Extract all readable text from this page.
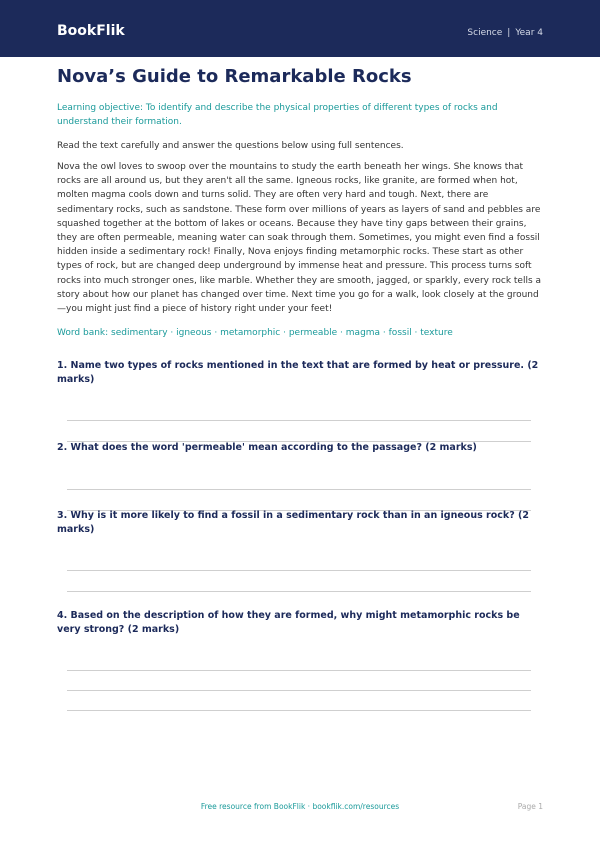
BookFlik	Science | Year 4
Nova’s Guide to Remarkable Rocks

Learning objective: To identify and describe the physical properties of different types of rocks and understand their formation.

Read the text carefully and answer the questions below using full sentences.

Nova the owl loves to swoop over the mountains to study the earth beneath her wings. She knows that rocks are all around us, but they aren't all the same. Igneous rocks, like granite, are formed when hot, molten magma cools down and turns solid. They are often very hard and tough. Next, there are sedimentary rocks, such as sandstone. These form over millions of years as layers of sand and pebbles are squashed together at the bottom of lakes or oceans. Because they have tiny gaps between their grains, they are often permeable, meaning water can soak through them. Sometimes, you might even find a fossil hidden inside a sedimentary rock! Finally, Nova enjoys finding metamorphic rocks. These start as other types of rock, but are changed deep underground by immense heat and pressure. This process turns soft rocks into much stronger ones, like marble. Whether they are smooth, jagged, or sparkly, every rock tells a story about how our planet has changed over time. Next time you go for a walk, look closely at the ground—you might just find a piece of history right under your feet!

Word bank: sedimentary · igneous · metamorphic · permeable · magma · fossil · texture

1. Name two types of rocks mentioned in the text that are formed by heat or pressure. (2 marks)

2. What does the word 'permeable' mean according to the passage? (2 marks)

3. Why is it more likely to find a fossil in a sedimentary rock than in an igneous rock? (2 marks)

4. Based on the description of how they are formed, why might metamorphic rocks be very strong? (2 marks)

Free resource from BookFlik · bookflik.com/resources	Page 1
